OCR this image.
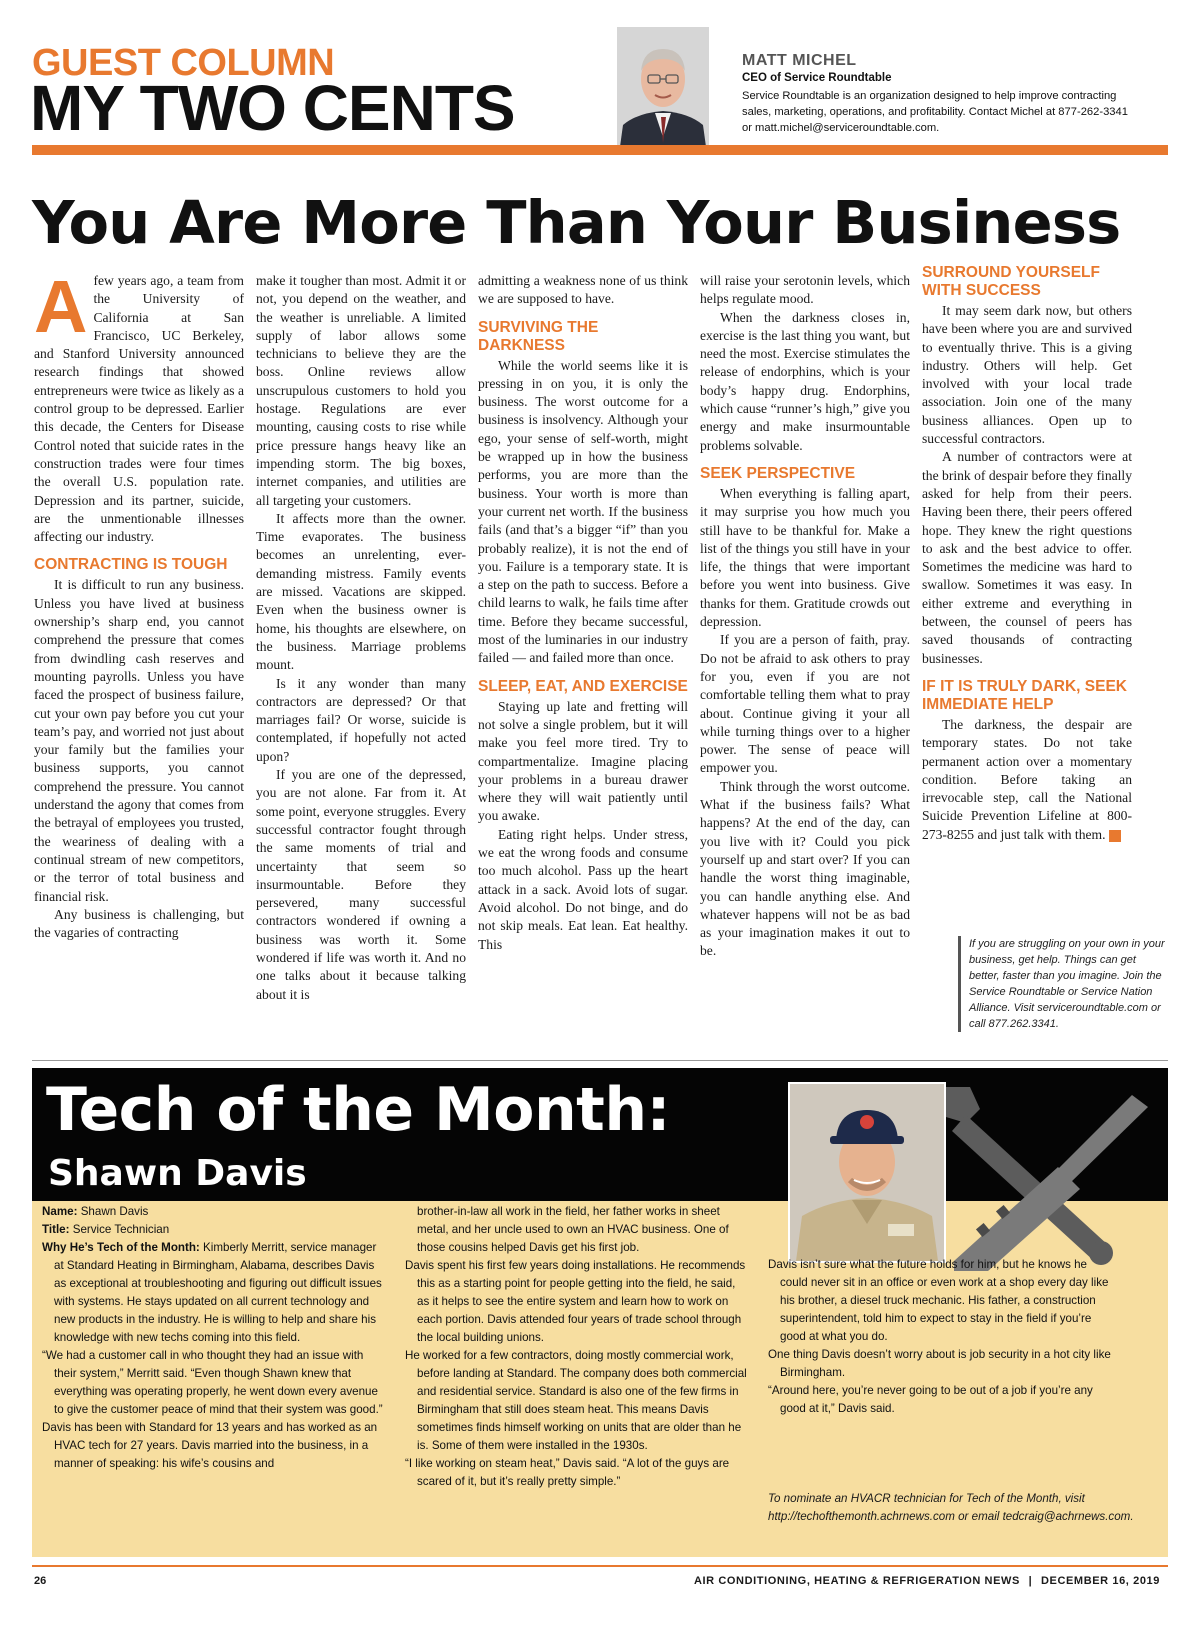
GUEST COLUMN
MY TWO CENTS
MATT MICHEL
CEO of Service Roundtable
Service Roundtable is an organization designed to help improve contracting sales, marketing, operations, and profitability. Contact Michel at 877-262-3341 or matt.michel@serviceroundtable.com.
You Are More Than Your Business

Afew years ago, a team from the University of California at San Francisco, UC Berkeley, and Stanford University announced research findings that showed entrepreneurs were twice as likely as a control group to be depressed. Earlier this decade, the Centers for Disease Control noted that suicide rates in the construction trades were four times the overall U.S. population rate. Depression and its partner, suicide, are the unmentionable illnesses affecting our industry.

CONTRACTING IS TOUGH

It is difficult to run any business. Unless you have lived at business ownership’s sharp end, you cannot comprehend the pressure that comes from dwindling cash reserves and mounting payrolls. Unless you have faced the prospect of business failure, cut your own pay before you cut your team’s pay, and worried not just about your family but the families your business supports, you cannot comprehend the pressure. You cannot understand the agony that comes from the betrayal of employees you trusted, the weariness of dealing with a continual stream of new competitors, or the terror of total business and financial risk.

Any business is challenging, but the vagaries of contracting

make it tougher than most. Admit it or not, you depend on the weather, and the weather is unreliable. A limited supply of labor allows some technicians to believe they are the boss. Online reviews allow unscrupulous customers to hold you hostage. Regulations are ever mounting, causing costs to rise while price pressure hangs heavy like an impending storm. The big boxes, internet companies, and utilities are all targeting your customers.

It affects more than the owner. Time evaporates. The business becomes an unrelenting, ever-demanding mistress. Family events are missed. Vacations are skipped. Even when the business owner is home, his thoughts are elsewhere, on the business. Marriage problems mount.

Is it any wonder than many contractors are depressed? Or that marriages fail? Or worse, suicide is contemplated, if hopefully not acted upon?

If you are one of the depressed, you are not alone. Far from it. At some point, everyone struggles. Every successful contractor fought through the same moments of trial and uncertainty that seem so insurmountable. Before they persevered, many successful contractors wondered if owning a business was worth it. Some wondered if life was worth it. And no one talks about it because talking about it is

admitting a weakness none of us think we are supposed to have.

SURVIVING THE DARKNESS

While the world seems like it is pressing in on you, it is only the business. The worst outcome for a business is insolvency. Although your ego, your sense of self-worth, might be wrapped up in how the business performs, you are more than the business. Your worth is more than your current net worth. If the business fails (and that’s a bigger “if” than you probably realize), it is not the end of you. Failure is a temporary state. It is a step on the path to success. Before a child learns to walk, he fails time after time. Before they became successful, most of the luminaries in our industry failed — and failed more than once.

SLEEP, EAT, AND EXERCISE

Staying up late and fretting will not solve a single problem, but it will make you feel more tired. Try to compartmentalize. Imagine placing your problems in a bureau drawer where they will wait patiently until you awake.

Eating right helps. Under stress, we eat the wrong foods and consume too much alcohol. Pass up the heart attack in a sack. Avoid lots of sugar. Avoid alcohol. Do not binge, and do not skip meals. Eat lean. Eat healthy. This

will raise your serotonin levels, which helps regulate mood.

When the darkness closes in, exercise is the last thing you want, but need the most. Exercise stimulates the release of endorphins, which is your body’s happy drug. Endorphins, which cause “runner’s high,” give you energy and make insurmountable problems solvable.

SEEK PERSPECTIVE

When everything is falling apart, it may surprise you how much you still have to be thankful for. Make a list of the things you still have in your life, the things that were important before you went into business. Give thanks for them. Gratitude crowds out depression.

If you are a person of faith, pray. Do not be afraid to ask others to pray for you, even if you are not comfortable telling them what to pray about. Continue giving it your all while turning things over to a higher power. The sense of peace will empower you.

Think through the worst outcome. What if the business fails? What happens? At the end of the day, can you live with it? Could you pick yourself up and start over? If you can handle the worst thing imaginable, you can handle anything else. And whatever happens will not be as bad as your imagination makes it out to be.

SURROUND YOURSELF WITH SUCCESS

It may seem dark now, but others have been where you are and survived to eventually thrive. This is a giving industry. Others will help. Get involved with your local trade association. Join one of the many business alliances. Open up to successful contractors.

A number of contractors were at the brink of despair before they finally asked for help from their peers. Having been there, their peers offered hope. They knew the right questions to ask and the best advice to offer. Sometimes the medicine was hard to swallow. Sometimes it was easy. In either extreme and everything in between, the counsel of peers has saved thousands of contracting businesses.

IF IT IS TRULY DARK, SEEK IMMEDIATE HELP

The darkness, the despair are temporary states. Do not take permanent action over a momentary condition. Before taking an irrevocable step, call the National Suicide Prevention Lifeline at 800-273-8255 and just talk with them. N

If you are struggling on your own in your business, get help. Things can get better, faster than you imagine. Join the Service Roundtable or Service Nation Alliance. Visit serviceroundtable.com or call 877.262.3341.
Tech of the Month:
Shawn Davis

Name: Shawn Davis

Title: Service Technician

Why He’s Tech of the Month: Kimberly Merritt, service manager at Standard Heating in Birmingham, Alabama, describes Davis as exceptional at troubleshooting and figuring out difficult issues with systems. He stays updated on all current technology and new products in the industry. He is willing to help and share his knowledge with new techs coming into this field.

“We had a customer call in who thought they had an issue with their system,” Merritt said. “Even though Shawn knew that everything was operating properly, he went down every avenue to give the customer peace of mind that their system was good.”

Davis has been with Standard for 13 years and has worked as an HVAC tech for 27 years. Davis married into the business, in a manner of speaking: his wife’s cousins and

brother-in-law all work in the field, her father works in sheet metal, and her uncle used to own an HVAC business. One of those cousins helped Davis get his first job.

Davis spent his first few years doing installations. He recommends this as a starting point for people getting into the field, he said, as it helps to see the entire system and learn how to work on each portion. Davis attended four years of trade school through the local building unions.

He worked for a few contractors, doing mostly commercial work, before landing at Standard. The company does both commercial and residential service. Standard is also one of the few firms in Birmingham that still does steam heat. This means Davis sometimes finds himself working on units that are older than he is. Some of them were installed in the 1930s.

“I like working on steam heat,” Davis said. “A lot of the guys are scared of it, but it’s really pretty simple.”

Davis isn’t sure what the future holds for him, but he knows he could never sit in an office or even work at a shop every day like his brother, a diesel truck mechanic. His father, a construction superintendent, told him to expect to stay in the field if you’re good at what you do.

One thing Davis doesn’t worry about is job security in a hot city like Birmingham.

“Around here, you’re never going to be out of a job if you’re any good at it,” Davis said.

To nominate an HVACR technician for Tech of the Month, visit http://techofthemonth.achrnews.com or email tedcraig@achrnews.com.
26	AIR CONDITIONING, HEATING & REFRIGERATION NEWS | DECEMBER 16, 2019
